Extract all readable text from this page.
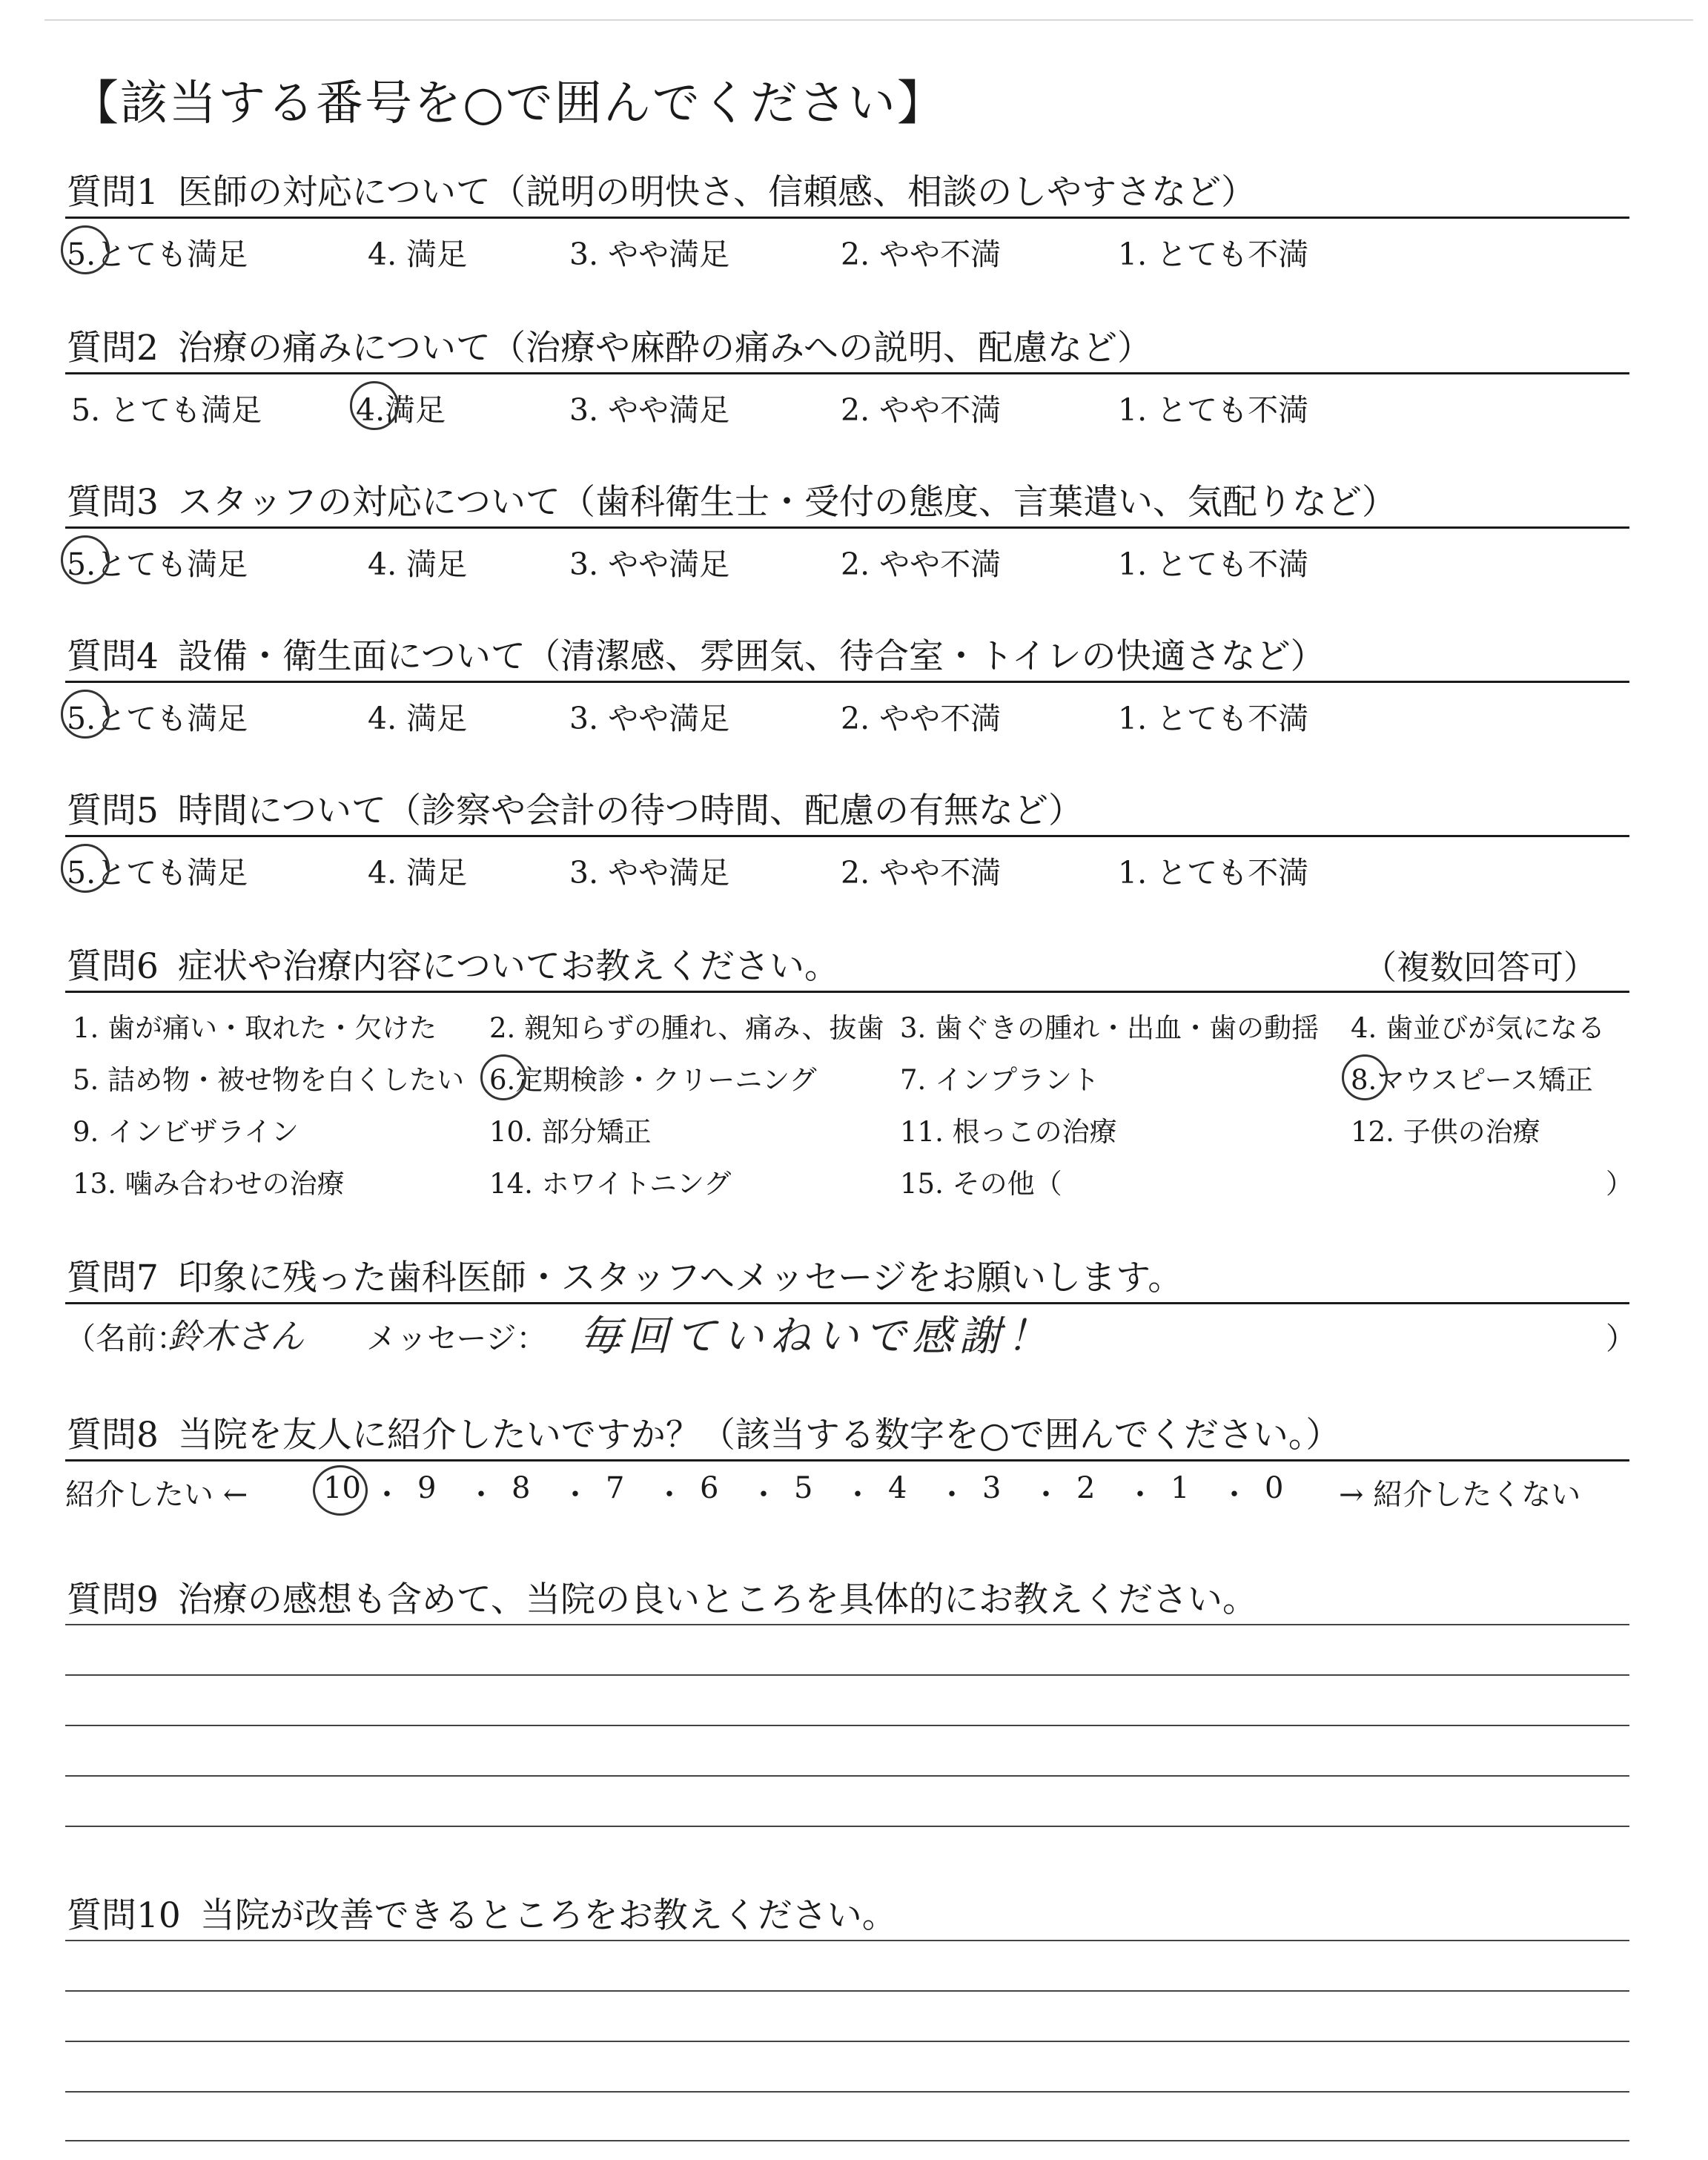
【該当する番号を○で囲んでください】
質問1 医師の対応について（説明の明快さ、信頼感、相談のしやすさなど）
5.とても満足	4. 満足	3. やや満足	2. やや不満	1. とても不満
質問2 治療の痛みについて（治療や麻酔の痛みへの説明、配慮など）
5. とても満足	4.満足	3. やや満足	2. やや不満	1. とても不満
質問3 スタッフの対応について（歯科衛生士・受付の態度、言葉遣い、気配りなど）
5.とても満足	4. 満足	3. やや満足	2. やや不満	1. とても不満
質問4 設備・衛生面について（清潔感、雰囲気、待合室・トイレの快適さなど）
5.とても満足	4. 満足	3. やや満足	2. やや不満	1. とても不満
質問5 時間について（診察や会計の待つ時間、配慮の有無など）
5.とても満足	4. 満足	3. やや満足	2. やや不満	1. とても不満
質問6 症状や治療内容についてお教えください。	（複数回答可）
1. 歯が痛い・取れた・欠けた 2. 親知らずの腫れ、痛み、抜歯 3. 歯ぐきの腫れ・出血・歯の動揺 4. 歯並びが気になる
5. 詰め物・被せ物を白くしたい 6.定期検診・クリーニング	7. インプラント	8.マウスピース矯正
9. インビザライン	10. 部分矯正	11. 根っこの治療	12. 子供の治療
13. 噛み合わせの治療	14. ホワイトニング	15. その他（	）
質問7 印象に残った歯科医師・スタッフへメッセージをお願いします。
（名前：
鈴木さん メッセージ： 毎回ていねいで感謝！	）
質問8 当院を友人に紹介したいですか？（該当する数字を○で囲んでください。）
紹介したい ←	10 ・ 9 ・ 8 ・ 7 ・ 6 ・ 5 ・ 4 ・ 3 ・ 2 ・ 1 ・ 0 → 紹介したくない
質問9 治療の感想も含めて、当院の良いところを具体的にお教えください。
質問10 当院が改善できるところをお教えください。
